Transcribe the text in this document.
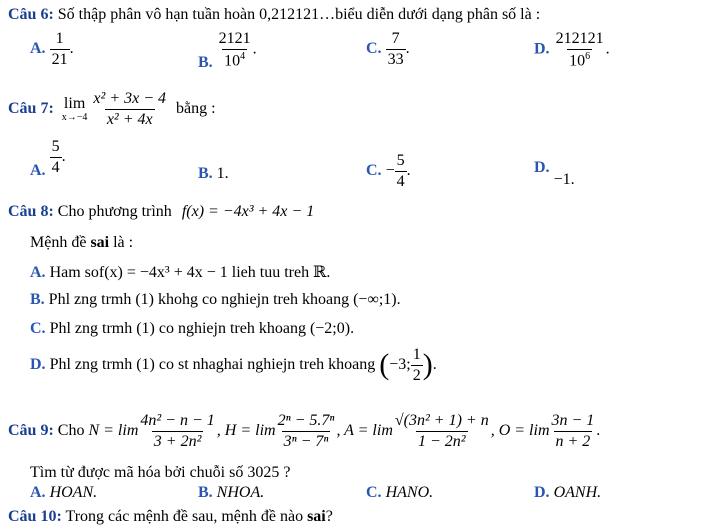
Câu 6: Số thập phân vô hạn tuần hoàn 0,212121…biểu diễn dưới dạng phân số là :
A. $\frac{1}{21}$ .
B. $\frac{2121}{10^4}$ .	C. $\frac{7}{33}$ .	D. $\frac{212121}{10^6}$ .
Câu 7: lim
x→−4
$\frac{\text{x² + 3x − 4}}{\text{x² + 4x}}$ bằng :
A. $\frac{5}{4}$ .
B. 1.	C. − $\frac{5}{4}$ .	D. −1.
Câu 8: Cho phương trình f(x) = −4x³ + 4x − 1
Mệnh đề sai là :
A. Ham sof(x) = −4x³ + 4x − 1 lieh tuu treh ℝ.
B. Phl zng trmh (1) khohg co nghiejn treh khoang (−∞;1).
C. Phl zng trmh (1) co nghiejn treh khoang (−2;0).
D. Phl zng trmh (1) co st nhaghai nghiejn treh khoang (−3; $\frac{1}{2}$ ).
Câu 9: Cho $N = \lim \frac{\text{4n² − n − 1}}{\text{3 + 2n²}}$ , $H = \lim \frac{\text{2ⁿ − 5.7ⁿ}}{\text{3ⁿ − 7ⁿ}}$ , $A = \lim \frac{\text{√(3n² + 1) + n}}{\text{1 − 2n²}}$ , $O = \lim \frac{3n - 1}{n + 2}$ .
Tìm từ được mã hóa bởi chuỗi số 3025 ?
A. HOAN.	B. NHOA.	C. HANO.	D. OANH.
Câu 10: Trong các mệnh đề sau, mệnh đề nào sai?
